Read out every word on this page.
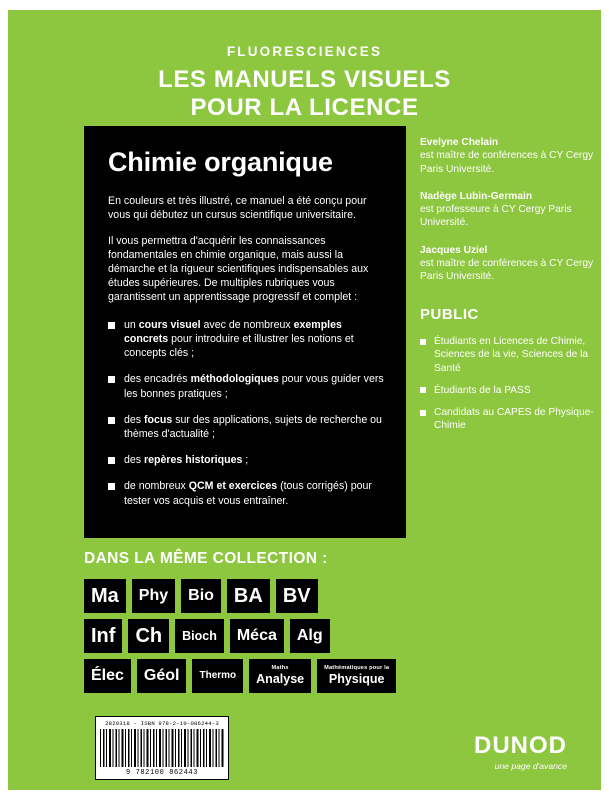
FLUORESCIENCES
LES MANUELS VISUELS
POUR LA LICENCE
Chimie organique

En couleurs et très illustré, ce manuel a été conçu pour vous qui débutez un cursus scientifique universitaire.

Il vous permettra d'acquérir les connaissances fondamentales en chimie organique, mais aussi la démarche et la rigueur scientifiques indispensables aux études supérieures. De multiples rubriques vous garantissent un apprentissage progressif et complet :

un cours visuel avec de nombreux exemples concrets pour introduire et illustrer les notions et concepts clés ;
des encadrés méthodologiques pour vous guider vers les bonnes pratiques ;
des focus sur des applications, sujets de recherche ou thèmes d'actualité ;
des repères historiques ;
de nombreux QCM et exercices (tous corrigés) pour tester vos acquis et vous entraîner.
Evelyne Chelain
est maître de conférences à CY Cergy Paris Université.
Nadège Lubin-Germain
est professeure à CY Cergy Paris Université.
Jacques Uziel
est maître de conférences à CY Cergy Paris Université.
PUBLIC
Étudiants en Licences de Chimie, Sciences de la vie, Sciences de la Santé
Étudiants de la PASS
Candidats au CAPES de Physique-Chimie
DANS LA MÊME COLLECTION :
Ma	Phy	Bio	BA	BV
Inf	Ch	Bioch	Méca	Alg
Élec	Géol	Thermo
Maths
Analyse
Mathématiques pour la
Physique
2829318 - ISBN 978-2-10-086244-3
9 782100 862443
DUNOD
une page d'avance
